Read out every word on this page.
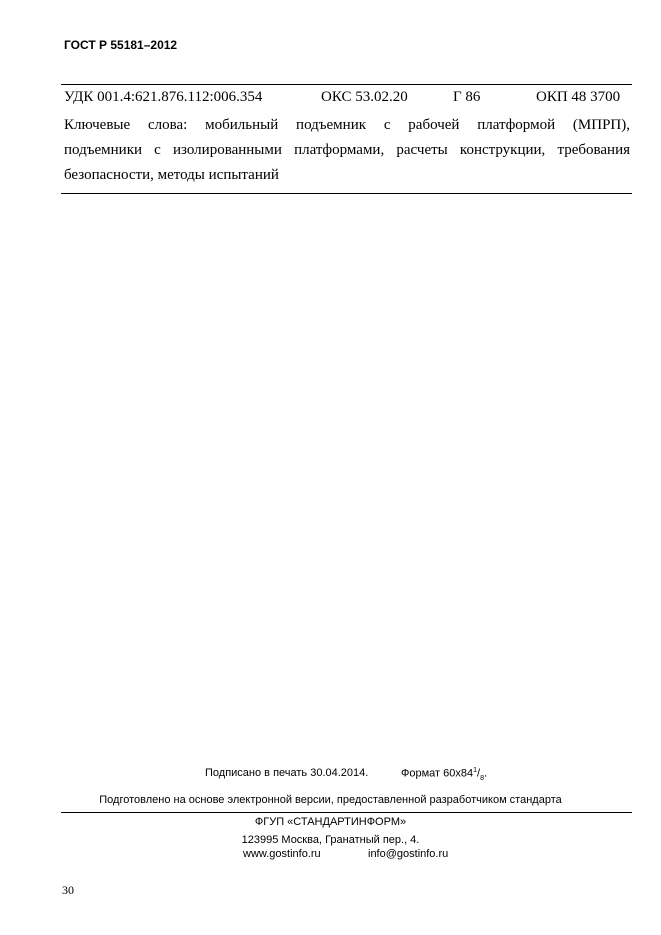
ГОСТ Р 55181–2012
УДК 001.4:621.876.112:006.354	ОКС 53.02.20	Г 86	ОКП 48 3700
Ключевые слова: мобильный подъемник с рабочей платформой (МПРП),
подъемники с изолированными платформами, расчеты конструкции, требования
безопасности, методы испытаний
Подписано в печать 30.04.2014.	Формат $60x84^1/_8$.
Подготовлено на основе электронной версии, предоставленной разработчиком стандарта
ФГУП «СТАНДАРТИНФОРМ»
123995 Москва, Гранатный пер., 4.
www.gostinfo.ru	info@gostinfo.ru
30
